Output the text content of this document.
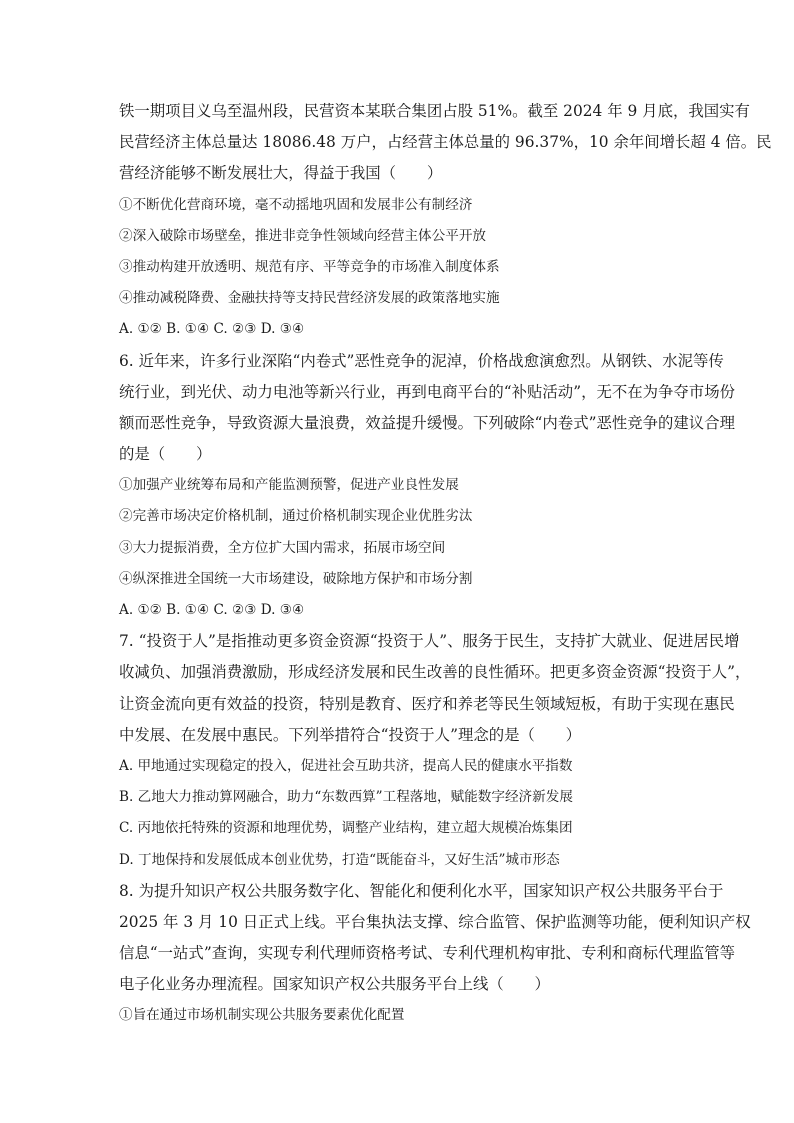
铁一期项目义乌至温州段，民营资本某联合集团占股 51%。截至 2024 年 9 月底，我国实有
民营经济主体总量达 18086.48 万户，占经营主体总量的 96.37%，10 余年间增长超 4 倍。民
营经济能够不断发展壮大，得益于我国（　　）
①不断优化营商环境，毫不动摇地巩固和发展非公有制经济
②深入破除市场壁垒，推进非竞争性领域向经营主体公平开放
③推动构建开放透明、规范有序、平等竞争的市场准入制度体系
④推动减税降费、金融扶持等支持民营经济发展的政策落地实施
A. ①② B. ①④ C. ②③ D. ③④
6. 近年来，许多行业深陷“内卷式”恶性竞争的泥淖，价格战愈演愈烈。从钢铁、水泥等传
统行业，到光伏、动力电池等新兴行业，再到电商平台的“补贴活动”，无不在为争夺市场份
额而恶性竞争，导致资源大量浪费，效益提升缓慢。下列破除“内卷式”恶性竞争的建议合理
的是（　　）
①加强产业统筹布局和产能监测预警，促进产业良性发展
②完善市场决定价格机制，通过价格机制实现企业优胜劣汰
③大力提振消费，全方位扩大国内需求，拓展市场空间
④纵深推进全国统一大市场建设，破除地方保护和市场分割
A. ①② B. ①④ C. ②③ D. ③④
7. “投资于人”是指推动更多资金资源“投资于人”、服务于民生，支持扩大就业、促进居民增
收减负、加强消费激励，形成经济发展和民生改善的良性循环。把更多资金资源“投资于人”，
让资金流向更有效益的投资，特别是教育、医疗和养老等民生领域短板，有助于实现在惠民
中发展、在发展中惠民。下列举措符合“投资于人”理念的是（　　）
A. 甲地通过实现稳定的投入，促进社会互助共济，提高人民的健康水平指数
B. 乙地大力推动算网融合，助力“东数西算”工程落地，赋能数字经济新发展
C. 丙地依托特殊的资源和地理优势，调整产业结构，建立超大规模冶炼集团
D. 丁地保持和发展低成本创业优势，打造“既能奋斗，又好生活”城市形态
8. 为提升知识产权公共服务数字化、智能化和便利化水平，国家知识产权公共服务平台于
2025 年 3 月 10 日正式上线。平台集执法支撑、综合监管、保护监测等功能，便利知识产权
信息“一站式”查询，实现专利代理师资格考试、专利代理机构审批、专利和商标代理监管等
电子化业务办理流程。国家知识产权公共服务平台上线（　　）
①旨在通过市场机制实现公共服务要素优化配置
